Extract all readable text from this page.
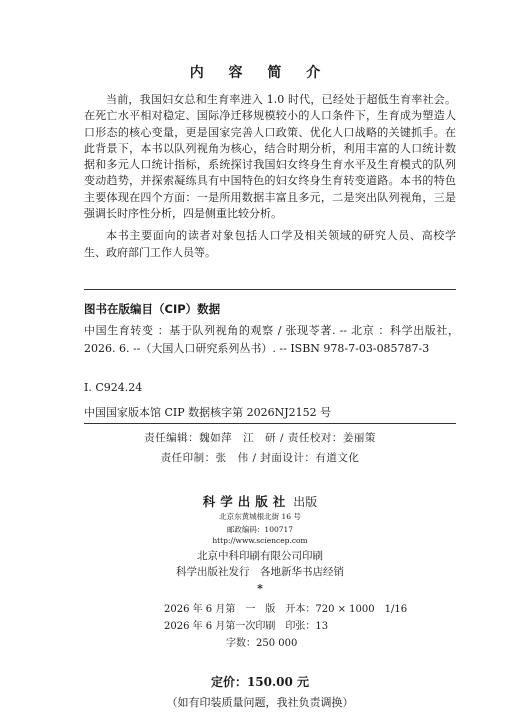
内 容 简 介

当前，我国妇女总和生育率进入 1.0 时代，已经处于超低生育率社会。在死亡水平相对稳定、国际净迁移规模较小的人口条件下，生育成为塑造人口形态的核心变量，更是国家完善人口政策、优化人口战略的关键抓手。在此背景下，本书以队列视角为核心，结合时期分析，利用丰富的人口统计数据和多元人口统计指标，系统探讨我国妇女终身生育水平及生育模式的队列变动趋势，并探索凝练具有中国特色的妇女终身生育转变道路。本书的特色主要体现在四个方面：一是所用数据丰富且多元，二是突出队列视角，三是强调长时序性分析，四是侧重比较分析。

本书主要面向的读者对象包括人口学及相关领域的研究人员、高校学生、政府部门工作人员等。

图书在版编目（CIP）数据
中国生育转变 ：基于队列视角的观察 / 张现苓著. -- 北京 ：科学出版社，2026. 6. --（大国人口研究系列丛书）. -- ISBN 978-7-03-085787-3
Ⅰ. C924.24
中国国家版本馆 CIP 数据核字第 2026NJ2152 号
责任编辑：魏如萍　江　研 / 责任校对：姜丽策
责任印制：张　伟 / 封面设计：有道文化
科学出版社 出版
北京东黄城根北街 16 号
邮政编码：100717
http://www.sciencep.com
北京中科印刷有限公司印刷
科学出版社发行　各地新华书店经销
*
2026 年 6 月第　一　版　开本：720 × 1000　1/16
2026 年 6 月第一次印刷　印张：13
字数：250 000
定价：150.00 元
（如有印装质量问题，我社负责调换）
